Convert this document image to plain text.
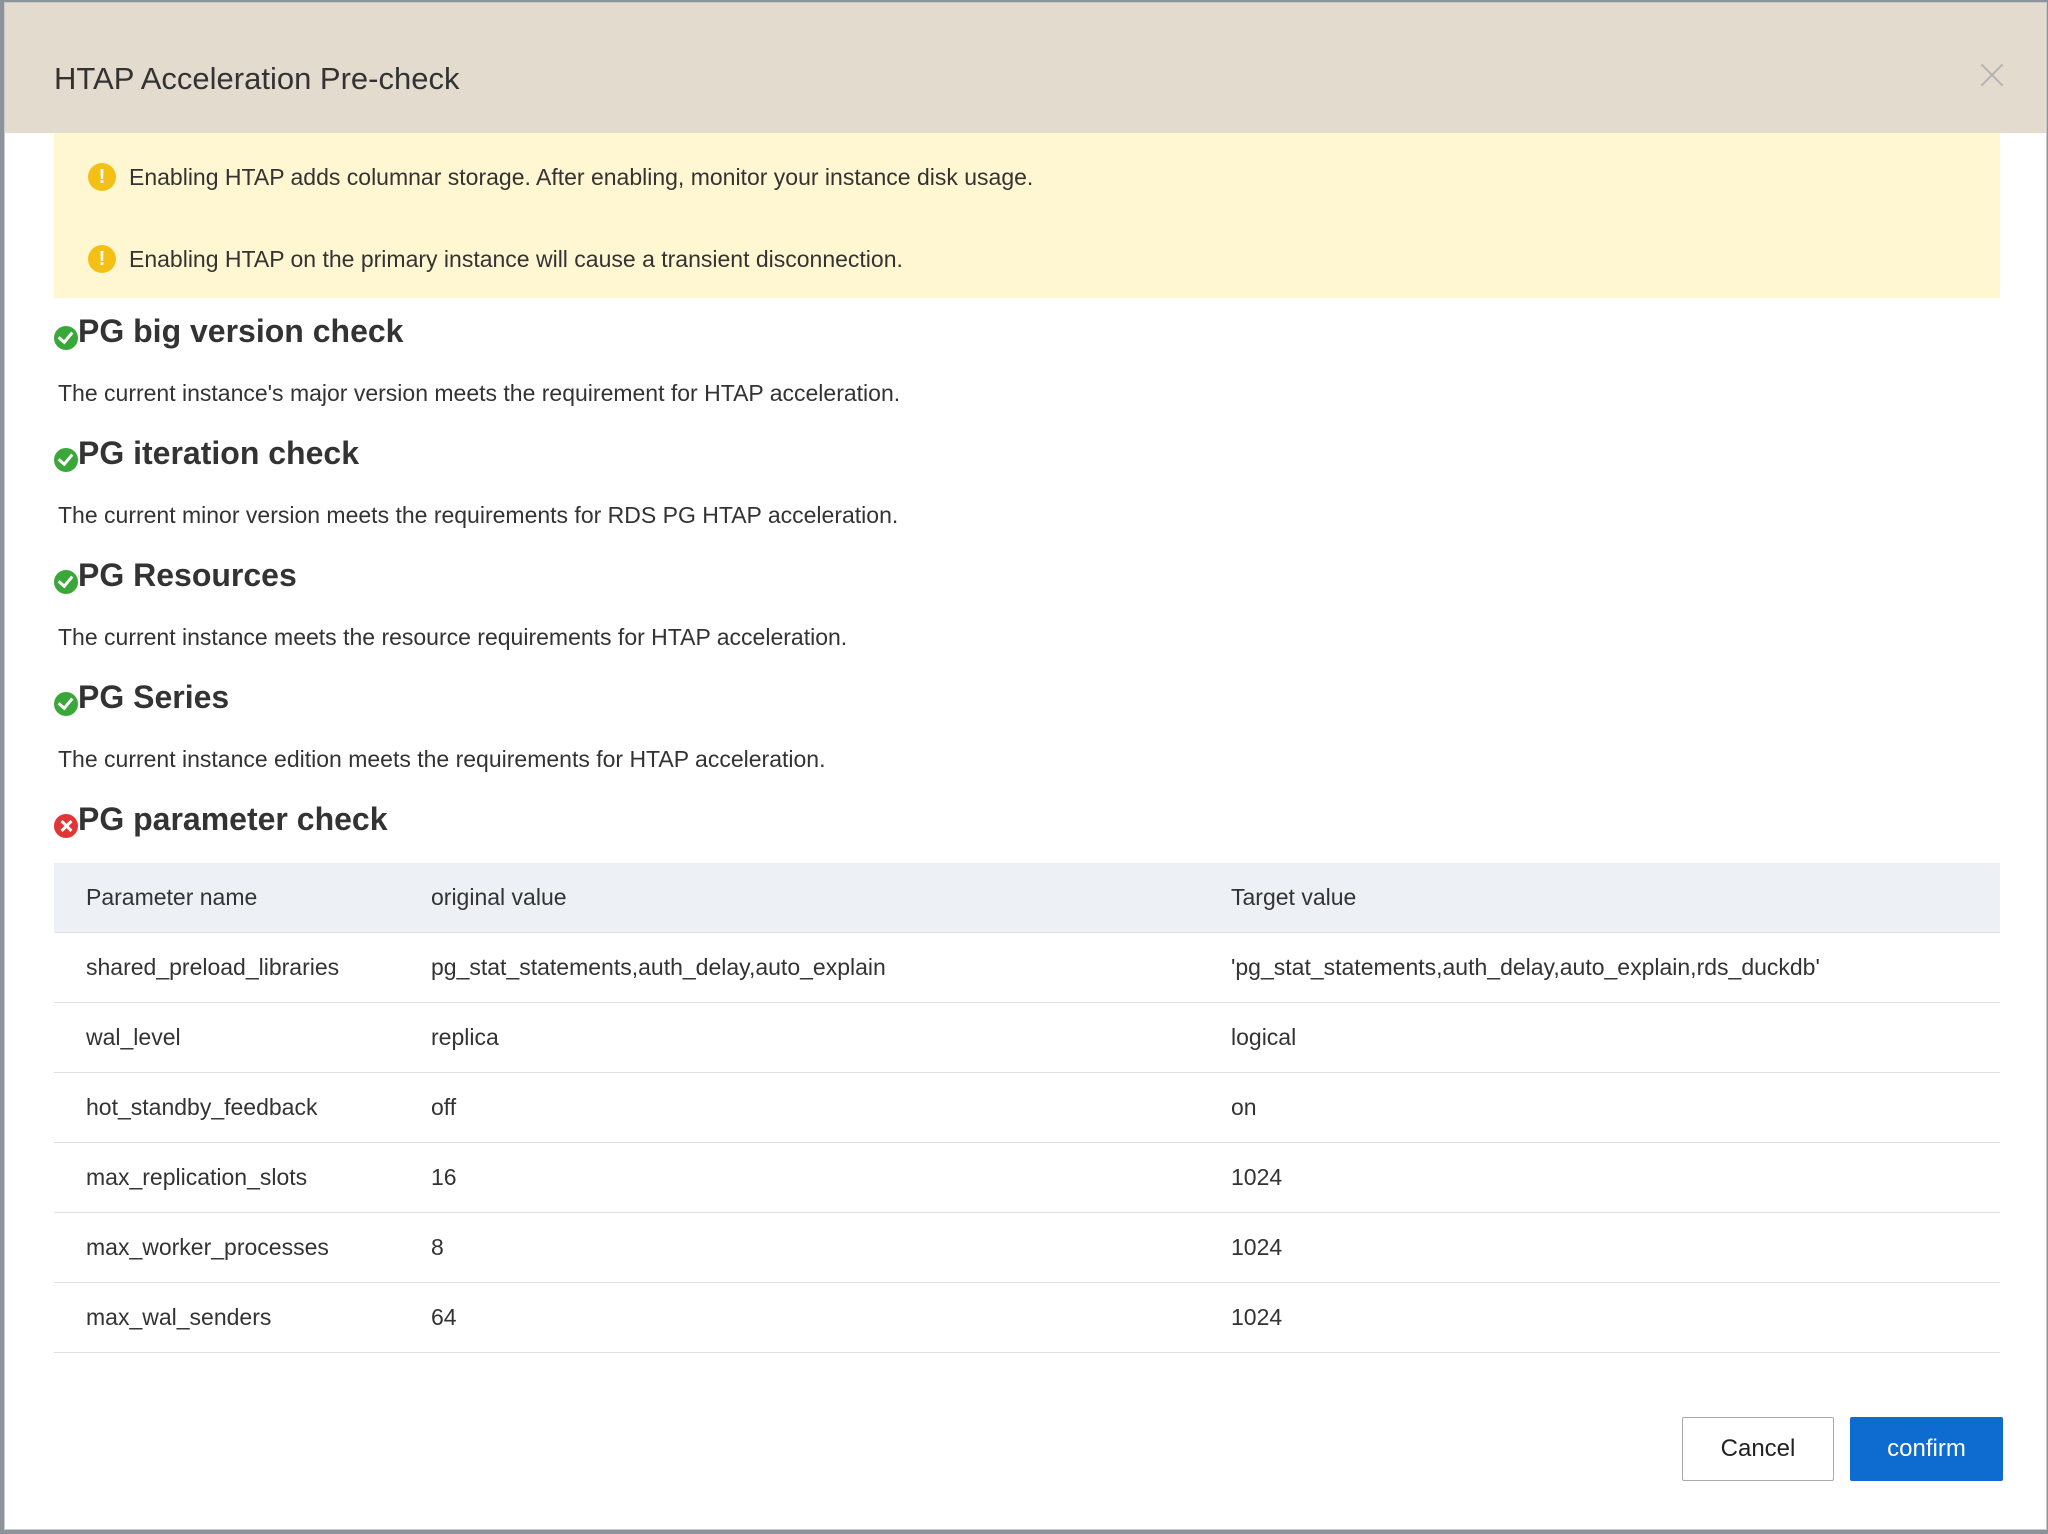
HTAP Acceleration Pre-check
!	Enabling HTAP adds columnar storage. After enabling, monitor your instance disk usage.
!	Enabling HTAP on the primary instance will cause a transient disconnection.
PG big version check
The current instance's major version meets the requirement for HTAP acceleration.
PG iteration check
The current minor version meets the requirements for RDS PG HTAP acceleration.
PG Resources
The current instance meets the resource requirements for HTAP acceleration.
PG Series
The current instance edition meets the requirements for HTAP acceleration.
PG parameter check
Parameter name	original value	Target value
shared_preload_libraries	pg_stat_statements,auth_delay,auto_explain	'pg_stat_statements,auth_delay,auto_explain,rds_duckdb'
wal_level	replica	logical
hot_standby_feedback	off	on
max_replication_slots	16	1024
max_worker_processes	8	1024
max_wal_senders	64	1024
Cancel	confirm
